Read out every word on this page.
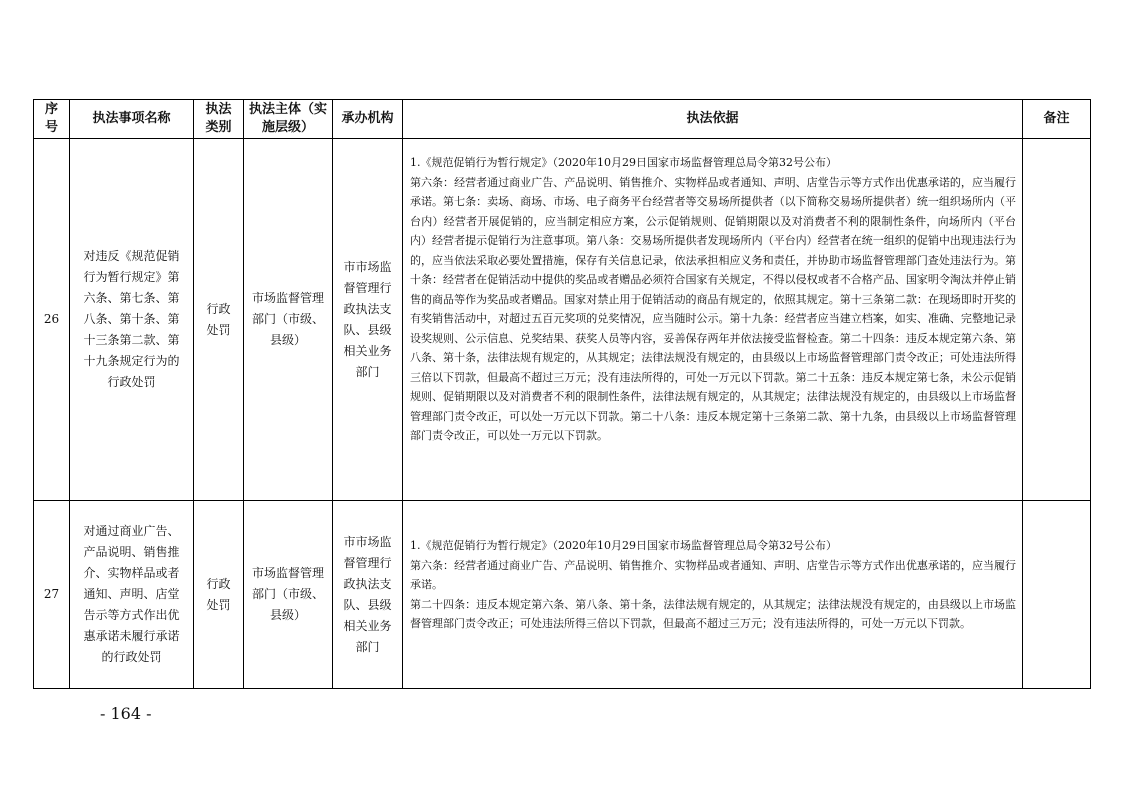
序号	执法事项名称	执法类别	执法主体（实施层级）	承办机构	执法依据	备注
26	对违反《规范促销行为暂行规定》第六条、第七条、第八条、第十条、第十三条第二款、第十九条规定行为的行政处罚	行政处罚	市场监督管理部门（市级、县级）	市市场监督管理行政执法支队、县级相关业务部门	1.《规范促销行为暂行规定》（2020年10月29日国家市场监督管理总局令第32号公布）

第六条：经营者通过商业广告、产品说明、销售推介、实物样品或者通知、声明、店堂告示等方式作出优惠承诺的，应当履行承诺。第七条：卖场、商场、市场、电子商务平台经营者等交易场所提供者（以下简称交易场所提供者）统一组织场所内（平台内）经营者开展促销的，应当制定相应方案，公示促销规则、促销期限以及对消费者不利的限制性条件，向场所内（平台内）经营者提示促销行为注意事项。第八条：交易场所提供者发现场所内（平台内）经营者在统一组织的促销中出现违法行为的，应当依法采取必要处置措施，保存有关信息记录，依法承担相应义务和责任，并协助市场监督管理部门查处违法行为。第十条：经营者在促销活动中提供的奖品或者赠品必须符合国家有关规定，不得以侵权或者不合格产品、国家明令淘汰并停止销售的商品等作为奖品或者赠品。国家对禁止用于促销活动的商品有规定的，依照其规定。第十三条第二款：在现场即时开奖的有奖销售活动中，对超过五百元奖项的兑奖情况，应当随时公示。第十九条：经营者应当建立档案，如实、准确、完整地记录设奖规则、公示信息、兑奖结果、获奖人员等内容，妥善保存两年并依法接受监督检查。第二十四条：违反本规定第六条、第八条、第十条，法律法规有规定的，从其规定；法律法规没有规定的，由县级以上市场监督管理部门责令改正；可处违法所得三倍以下罚款，但最高不超过三万元；没有违法所得的，可处一万元以下罚款。第二十五条：违反本规定第七条，未公示促销规则、促销期限以及对消费者不利的限制性条件，法律法规有规定的，从其规定；法律法规没有规定的，由县级以上市场监督管理部门责令改正，可以处一万元以下罚款。第二十八条：违反本规定第十三条第二款、第十九条，由县级以上市场监督管理部门责令改正，可以处一万元以下罚款。	

27	对通过商业广告、产品说明、销售推介、实物样品或者通知、声明、店堂告示等方式作出优惠承诺未履行承诺的行政处罚	行政处罚	市场监督管理部门（市级、县级）	市市场监督管理行政执法支队、县级相关业务部门	1.《规范促销行为暂行规定》（2020年10月29日国家市场监督管理总局令第32号公布）

第六条：经营者通过商业广告、产品说明、销售推介、实物样品或者通知、声明、店堂告示等方式作出优惠承诺的，应当履行承诺。

第二十四条：违反本规定第六条、第八条、第十条，法律法规有规定的，从其规定；法律法规没有规定的，由县级以上市场监督管理部门责令改正；可处违法所得三倍以下罚款，但最高不超过三万元；没有违法所得的，可处一万元以下罚款。	

- 164 -
